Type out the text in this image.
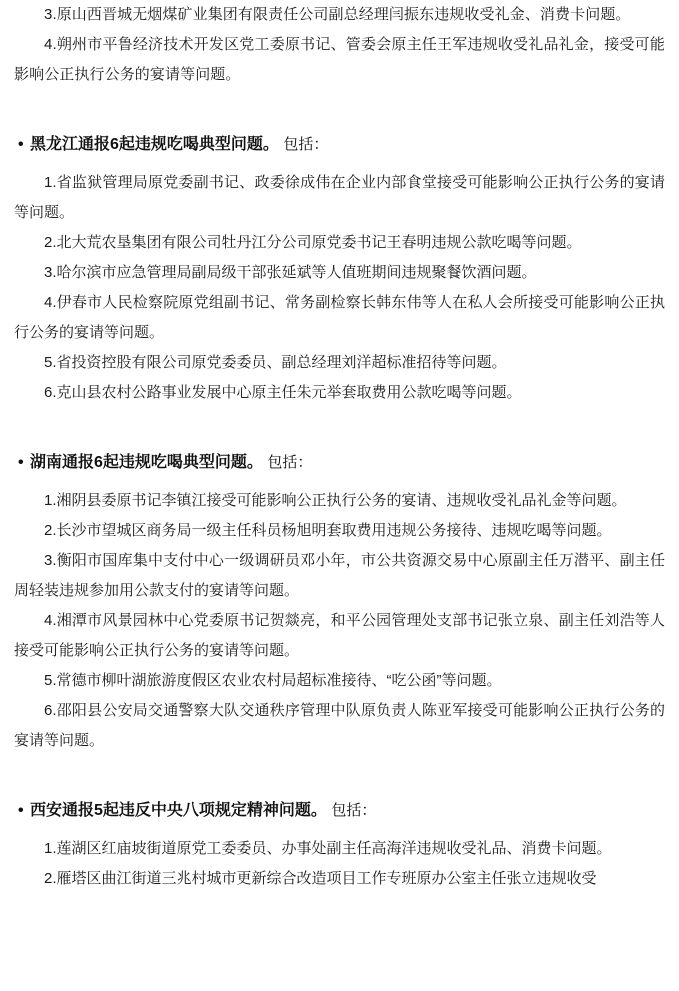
3.原山西晋城无烟煤矿业集团有限责任公司副总经理闫振东违规收受礼金、消费卡问题。

4.朔州市平鲁经济技术开发区党工委原书记、管委会原主任王军违规收受礼品礼金，接受可能影响公正执行公务的宴请等问题。

• 黑龙江通报6起违规吃喝典型问题。 包括：

1.省监狱管理局原党委副书记、政委徐成伟在企业内部食堂接受可能影响公正执行公务的宴请等问题。

2.北大荒农垦集团有限公司牡丹江分公司原党委书记王春明违规公款吃喝等问题。

3.哈尔滨市应急管理局副局级干部张延斌等人值班期间违规聚餐饮酒问题。

4.伊春市人民检察院原党组副书记、常务副检察长韩东伟等人在私人会所接受可能影响公正执行公务的宴请等问题。

5.省投资控股有限公司原党委委员、副总经理刘洋超标准招待等问题。

6.克山县农村公路事业发展中心原主任朱元举套取费用公款吃喝等问题。

• 湖南通报6起违规吃喝典型问题。 包括：

1.湘阴县委原书记李镇江接受可能影响公正执行公务的宴请、违规收受礼品礼金等问题。

2.长沙市望城区商务局一级主任科员杨旭明套取费用违规公务接待、违规吃喝等问题。

3.衡阳市国库集中支付中心一级调研员邓小年，市公共资源交易中心原副主任万潜平、副主任周轻装违规参加用公款支付的宴请等问题。

4.湘潭市风景园林中心党委原书记贺燚亮，和平公园管理处支部书记张立泉、副主任刘浩等人接受可能影响公正执行公务的宴请等问题。

5.常德市柳叶湖旅游度假区农业农村局超标准接待、“吃公函”等问题。

6.邵阳县公安局交通警察大队交通秩序管理中队原负责人陈亚军接受可能影响公正执行公务的宴请等问题。

• 西安通报5起违反中央八项规定精神问题。 包括：

1.莲湖区红庙坡街道原党工委委员、办事处副主任高海洋违规收受礼品、消费卡问题。

2.雁塔区曲江街道三兆村城市更新综合改造项目工作专班原办公室主任张立违规收受
